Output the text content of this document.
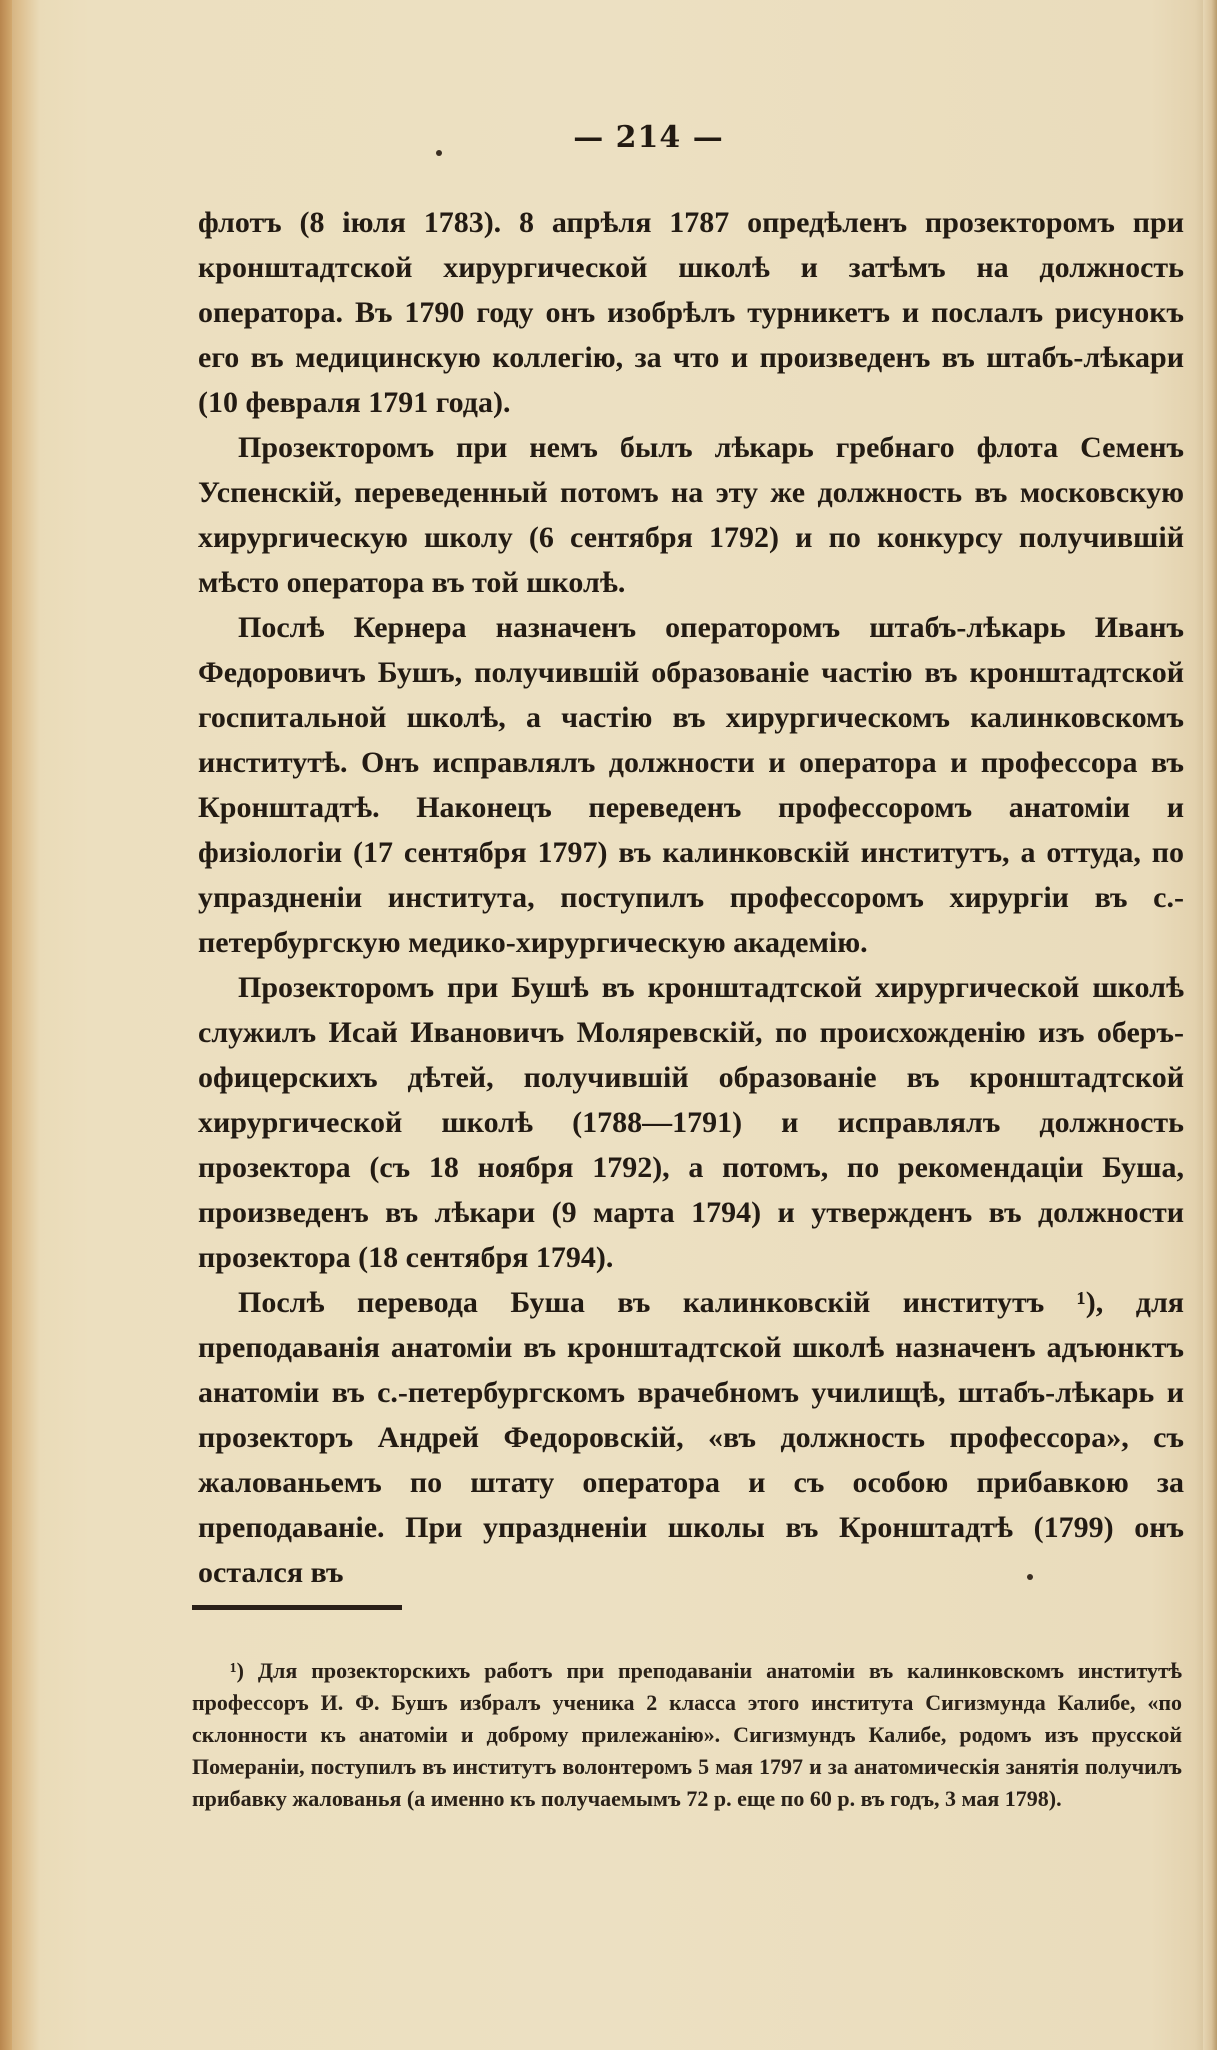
— 214 —

флотъ (8 іюля 1783). 8 апрѣля 1787 опредѣленъ прозекторомъ при кронштадтской хирургической школѣ и затѣмъ на должность оператора. Въ 1790 году онъ изобрѣлъ турникетъ и послалъ рисунокъ его въ медицинскую коллегію, за что и произведенъ въ штабъ-лѣкари (10 февраля 1791 года).

Прозекторомъ при немъ былъ лѣкарь гребнаго флота Семенъ Успенскій, переведенный потомъ на эту же должность въ московскую хирургическую школу (6 сентября 1792) и по конкурсу получившій мѣсто оператора въ той школѣ.

Послѣ Кернера назначенъ операторомъ штабъ-лѣкарь Иванъ Федоровичъ Бушъ, получившій образованіе частію въ кронштадтской госпитальной школѣ, а частію въ хирургическомъ калинковскомъ институтѣ. Онъ исправлялъ должности и оператора и профессора въ Кронштадтѣ. Наконецъ переведенъ профессоромъ анатоміи и физіологіи (17 сентября 1797) въ калинковскій институтъ, а оттуда, по упраздненіи института, поступилъ профессоромъ хирургіи въ с.-петербургскую медико-хирургическую академію.

Прозекторомъ при Бушѣ въ кронштадтской хирургической школѣ служилъ Исай Ивановичъ Моляревскій, по происхожденію изъ оберъ-офицерскихъ дѣтей, получившій образованіе въ кронштадтской хирургической школѣ (1788—1791) и исправлялъ должность прозектора (съ 18 ноября 1792), а потомъ, по рекомендаціи Буша, произведенъ въ лѣкари (9 марта 1794) и утвержденъ въ должности прозектора (18 сентября 1794).

Послѣ перевода Буша въ калинковскій институтъ ¹), для преподаванія анатоміи въ кронштадтской школѣ назначенъ адъюнктъ анатоміи въ с.-петербургскомъ врачебномъ училищѣ, штабъ-лѣкарь и прозекторъ Андрей Федоровскій, «въ должность профессора», съ жалованьемъ по штату оператора и съ особою прибавкою за преподаваніе. При упраздненіи школы въ Кронштадтѣ (1799) онъ остался въ

¹) Для прозекторскихъ работъ при преподаваніи анатоміи въ калинковскомъ институтѣ профессоръ И. Ф. Бушъ избралъ ученика 2 класса этого института Сигизмунда Калибе, «по склонности къ анатоміи и доброму прилежанію». Сигизмундъ Калибе, родомъ изъ прусской Помераніи, поступилъ въ институтъ волонтеромъ 5 мая 1797 и за анатомическія занятія получилъ прибавку жалованья (а именно къ получаемымъ 72 р. еще по 60 р. въ годъ, 3 мая 1798).
